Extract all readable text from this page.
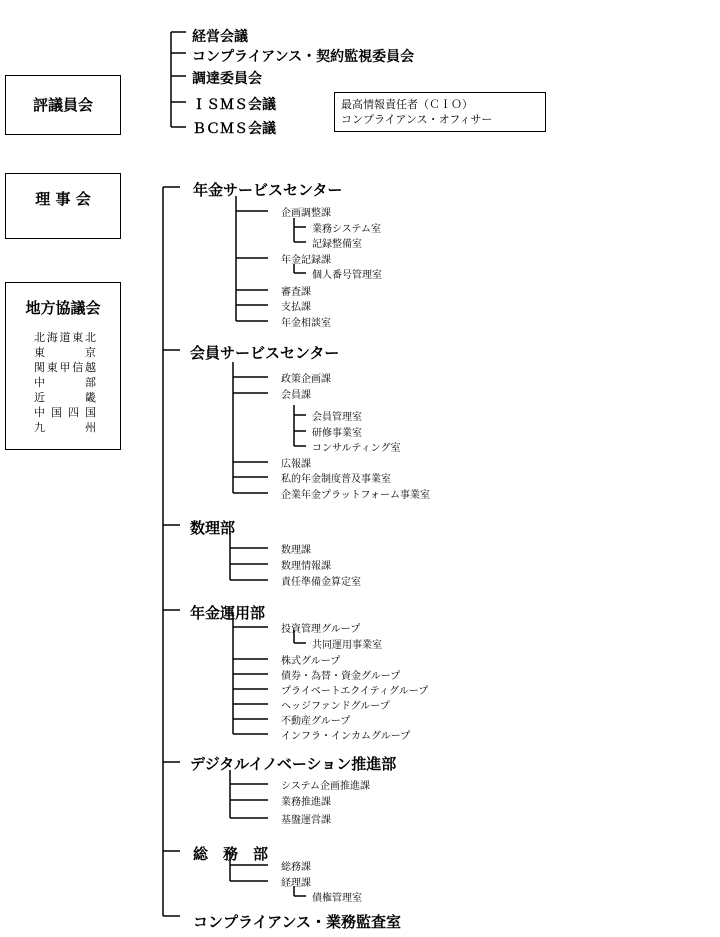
評議員会
理 事 会
地方協議会
北海道東北
東京
関東甲信越
中部
近畿
中国四国
九州
経営会議
コンプライアンス・契約監視委員会
調達委員会
ＩＳＭＳ会議
ＢＣＭＳ会議
最高情報責任者（ＣＩＯ）
コンプライアンス・オフィサー
年金サービスセンター
企画調整課
業務システム室
記録整備室
年金記録課
個人番号管理室
審査課
支払課
年金相談室
会員サービスセンター
政策企画課
会員課
会員管理室
研修事業室
コンサルティング室
広報課
私的年金制度普及事業室
企業年金プラットフォーム事業室
数理部
数理課
数理情報課
責任準備金算定室
年金運用部
投資管理グループ
共同運用事業室
株式グループ
債券・為替・資金グループ
プライベートエクイティグループ
ヘッジファンドグループ
不動産グループ
インフラ・インカムグループ
デジタルイノベーション推進部
システム企画推進課
業務推進課
基盤運営課
総　務　部
総務課
経理課
債権管理室
コンプライアンス・業務監査室
